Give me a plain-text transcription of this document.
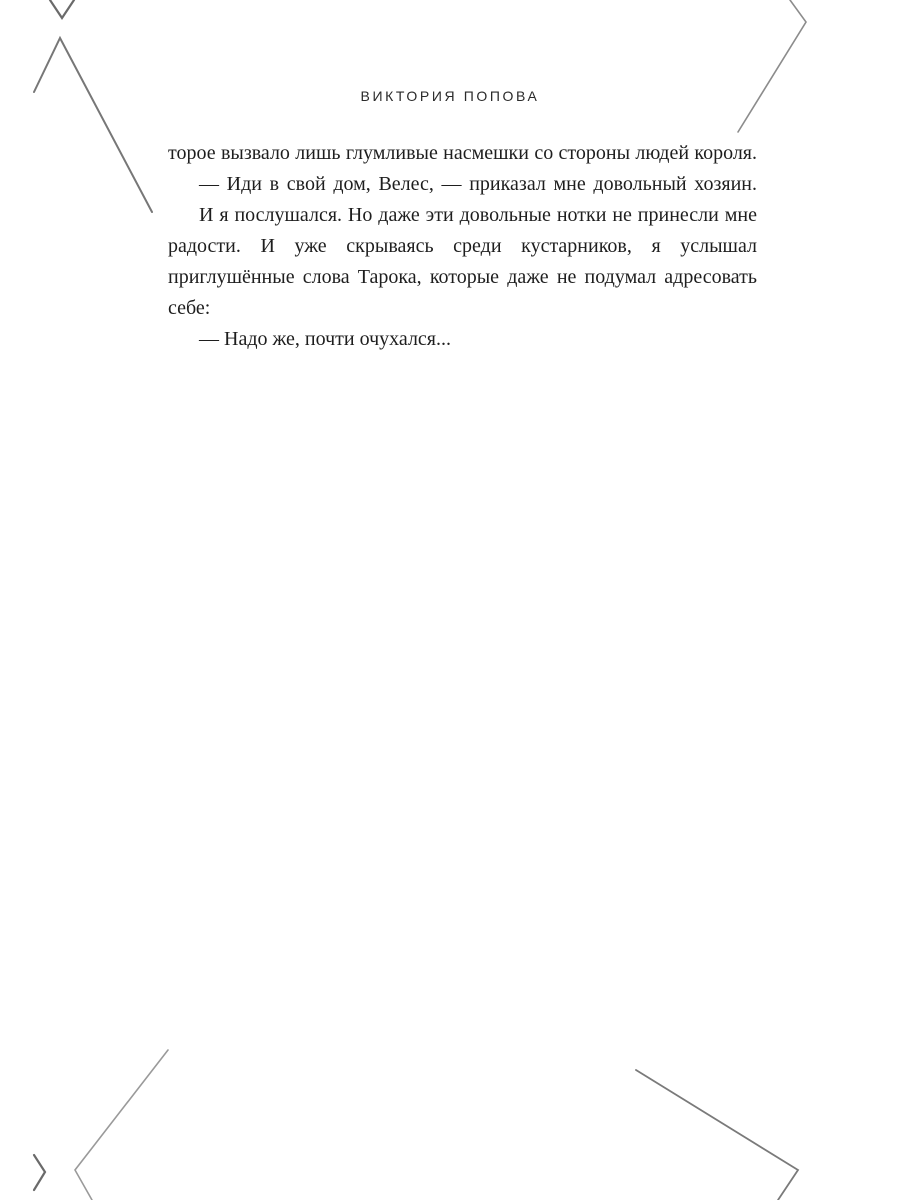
ВИКТОРИЯ ПОПОВА

торое вызвало лишь глумливые насмешки со стороны людей короля.

— Иди в свой дом, Велес, — приказал мне довольный хозяин.

И я послушался. Но даже эти довольные нотки не принесли мне радости. И уже скрываясь среди кустарников, я услышал приглушённые слова Тарока, которые даже не подумал адресовать себе:

— Надо же, почти очухался...
